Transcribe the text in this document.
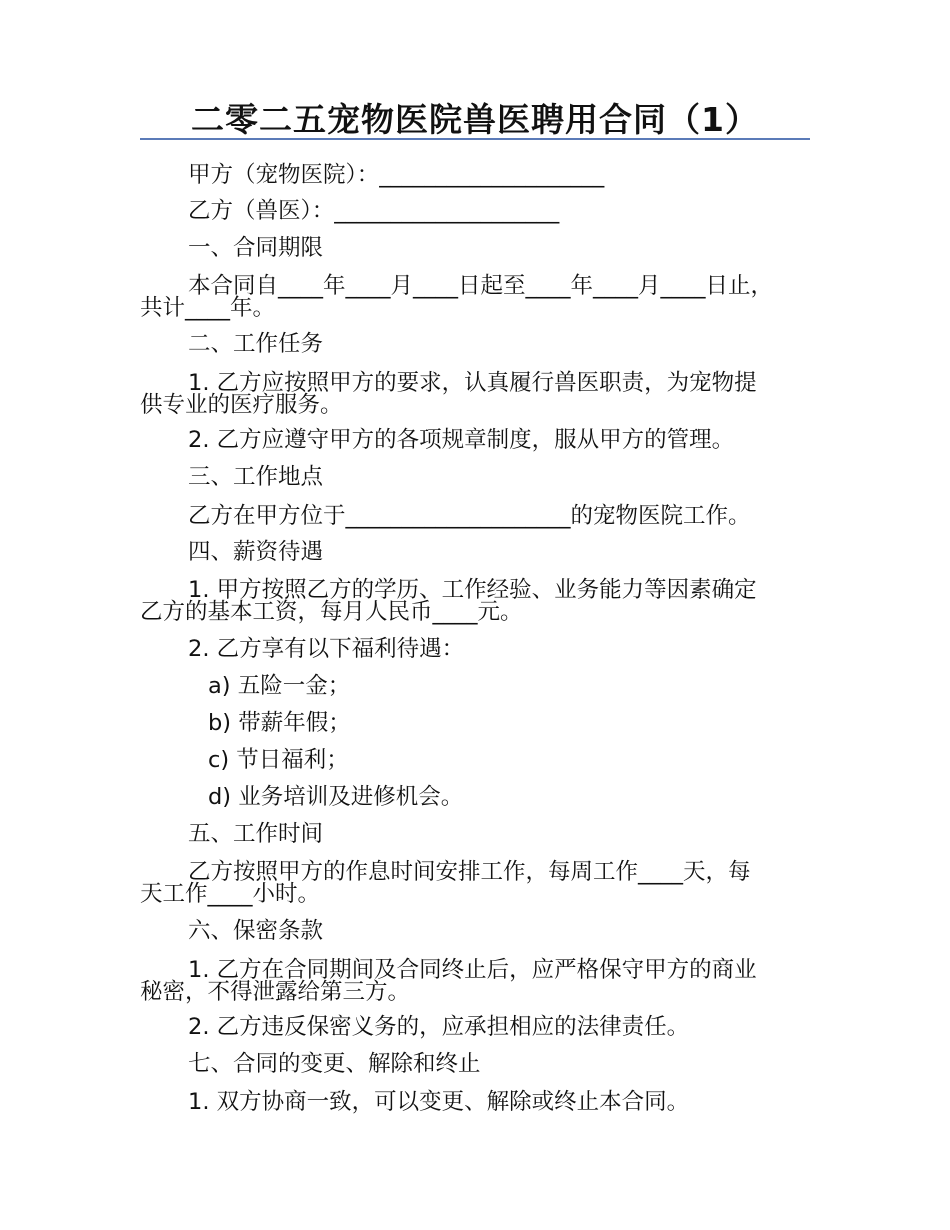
二零二五宠物医院兽医聘用合同（1）
甲方（宠物医院）：____________________
乙方（兽医）：____________________
一、合同期限
本合同自____年____月____日起至____年____月____日止，
共计____年。
二、工作任务
1. 乙方应按照甲方的要求，认真履行兽医职责，为宠物提
供专业的医疗服务。
2. 乙方应遵守甲方的各项规章制度，服从甲方的管理。
三、工作地点
乙方在甲方位于____________________的宠物医院工作。
四、薪资待遇
1. 甲方按照乙方的学历、工作经验、业务能力等因素确定
乙方的基本工资，每月人民币____元。
2. 乙方享有以下福利待遇：
a) 五险一金；
b) 带薪年假；
c) 节日福利；
d) 业务培训及进修机会。
五、工作时间
乙方按照甲方的作息时间安排工作，每周工作____天，每
天工作____小时。
六、保密条款
1. 乙方在合同期间及合同终止后，应严格保守甲方的商业
秘密，不得泄露给第三方。
2. 乙方违反保密义务的，应承担相应的法律责任。
七、合同的变更、解除和终止
1. 双方协商一致，可以变更、解除或终止本合同。
